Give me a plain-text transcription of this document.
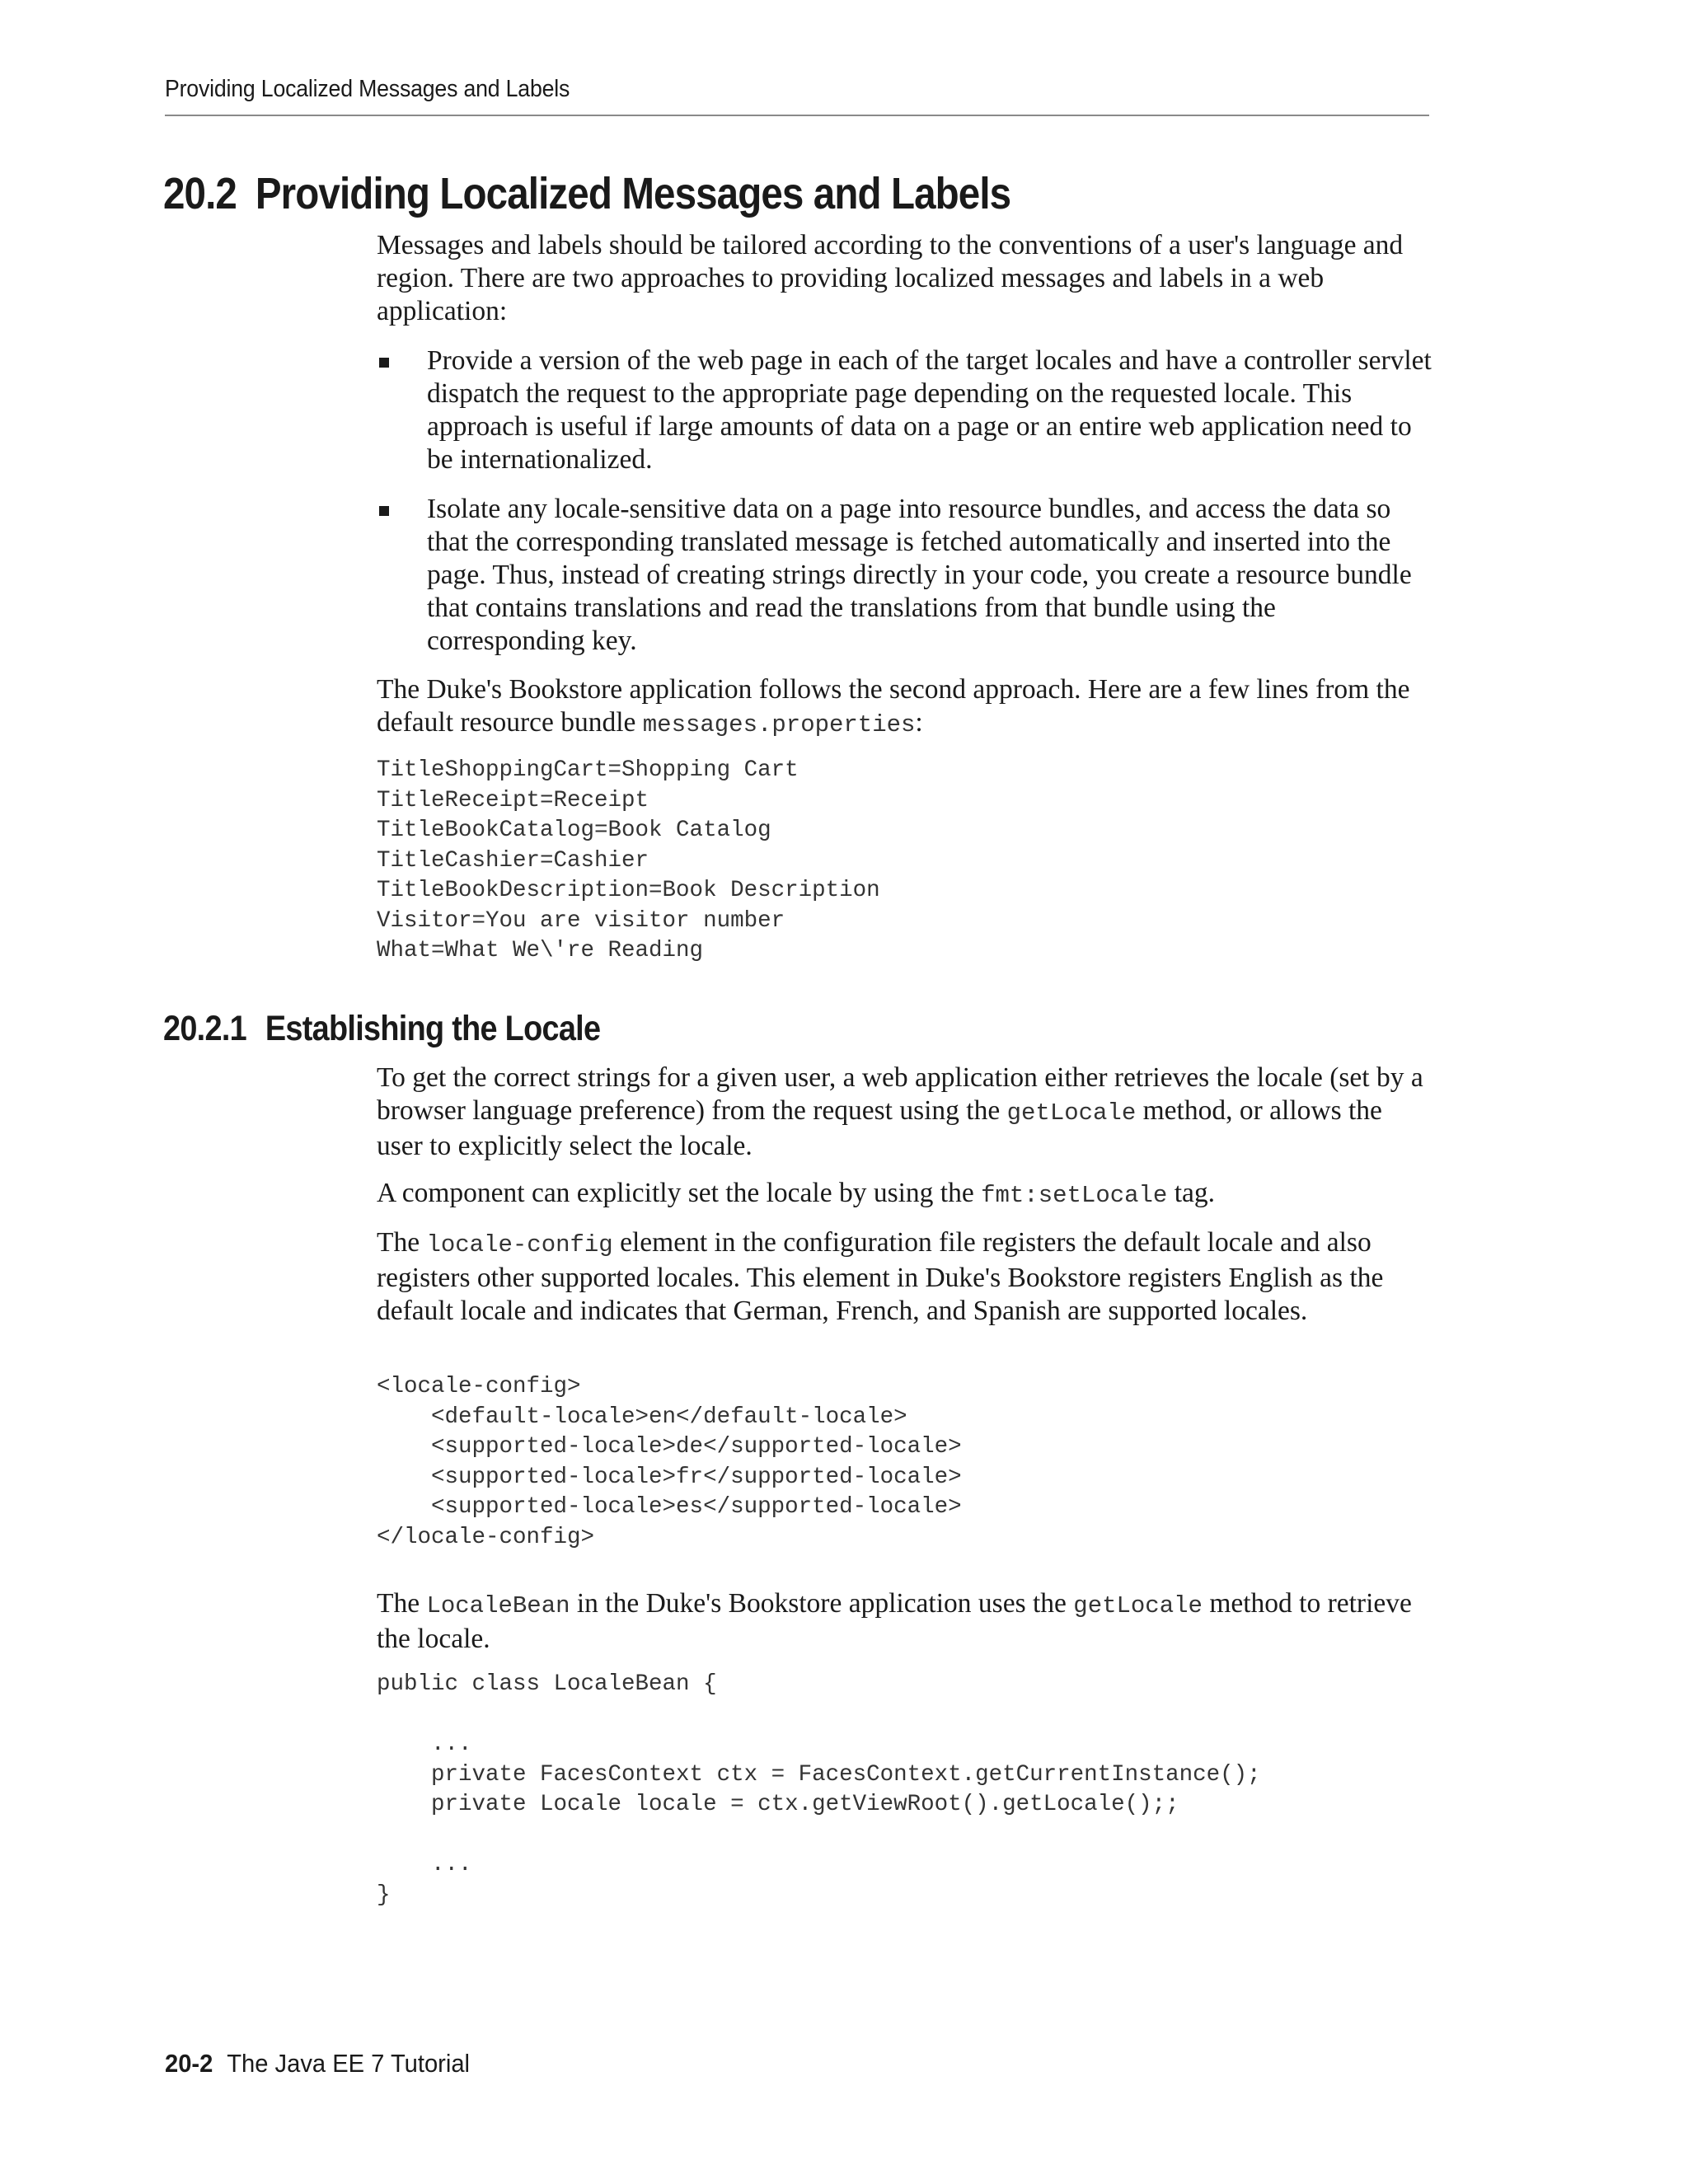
Providing Localized Messages and Labels
20.2 Providing Localized Messages and Labels

Messages and labels should be tailored according to the conventions of a user's language and region. There are two approaches to providing localized messages and labels in a web application:

Provide a version of the web page in each of the target locales and have a controller servlet dispatch the request to the appropriate page depending on the requested locale. This approach is useful if large amounts of data on a page or an entire web application need to be internationalized.
Isolate any locale-sensitive data on a page into resource bundles, and access the data so that the corresponding translated message is fetched automatically and inserted into the page. Thus, instead of creating strings directly in your code, you create a resource bundle that contains translations and read the translations from that bundle using the corresponding key.

The Duke's Bookstore application follows the second approach. Here are a few lines from the default resource bundle messages.properties:

TitleShoppingCart=Shopping Cart
TitleReceipt=Receipt
TitleBookCatalog=Book Catalog
TitleCashier=Cashier
TitleBookDescription=Book Description
Visitor=You are visitor number
What=What We\'re Reading
20.2.1 Establishing the Locale

To get the correct strings for a given user, a web application either retrieves the locale (set by a browser language preference) from the request using the getLocale method, or allows the user to explicitly select the locale.

A component can explicitly set the locale by using the fmt:setLocale tag.

The locale-config element in the configuration file registers the default locale and also registers other supported locales. This element in Duke's Bookstore registers English as the default locale and indicates that German, French, and Spanish are supported locales.

<locale-config>
<default-locale>en</default-locale>
<supported-locale>de</supported-locale>
<supported-locale>fr</supported-locale>
<supported-locale>es</supported-locale>
</locale-config>

The LocaleBean in the Duke's Bookstore application uses the getLocale method to retrieve the locale.

public class LocaleBean {

...
private FacesContext ctx = FacesContext.getCurrentInstance();
private Locale locale = ctx.getViewRoot().getLocale();;

...
}
20-2 The Java EE 7 Tutorial
